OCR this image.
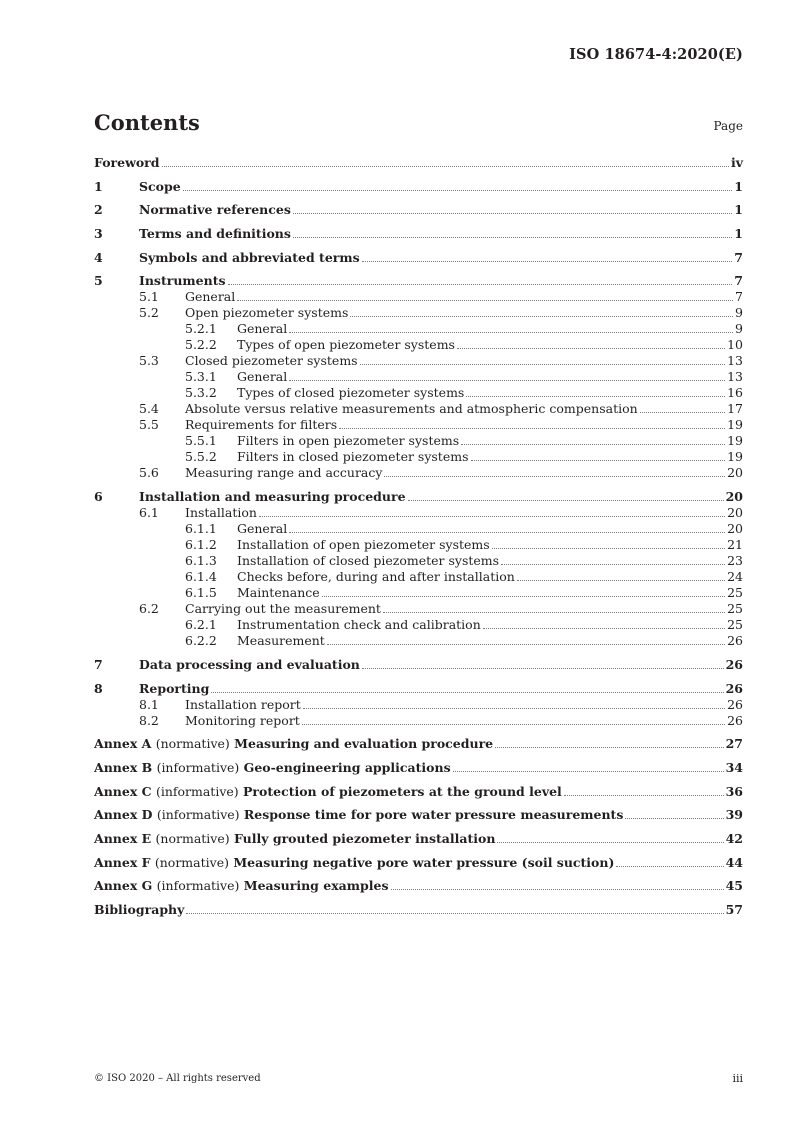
ISO 18674-4:2020(E)
Contents	Page
Foreword	iv
1	Scope	1
2	Normative references	1
3	Terms and definitions	1
4	Symbols and abbreviated terms	7
5	Instruments	7
5.1 General	7
5.2 Open piezometer systems	9
5.2.1 General	9
5.2.2 Types of open piezometer systems	10
5.3 Closed piezometer systems	13
5.3.1 General	13
5.3.2 Types of closed piezometer systems	16
5.4 Absolute versus relative measurements and atmospheric compensation	17
5.5 Requirements for filters	19
5.5.1 Filters in open piezometer systems	19
5.5.2 Filters in closed piezometer systems	19
5.6 Measuring range and accuracy	20
6	Installation and measuring procedure	20
6.1 Installation	20
6.1.1 General	20
6.1.2 Installation of open piezometer systems	21
6.1.3 Installation of closed piezometer systems	23
6.1.4 Checks before, during and after installation	24
6.1.5 Maintenance	25
6.2 Carrying out the measurement	25
6.2.1 Instrumentation check and calibration	25
6.2.2 Measurement	26
7	Data processing and evaluation	26
8	Reporting	26
8.1 Installation report	26
8.2 Monitoring report	26
Annex A (normative) Measuring and evaluation procedure	27
Annex B (informative) Geo-engineering applications	34
Annex C (informative) Protection of piezometers at the ground level	36
Annex D (informative) Response time for pore water pressure measurements	39
Annex E (normative) Fully grouted piezometer installation	42
Annex F (normative) Measuring negative pore water pressure (soil suction)	44
Annex G (informative) Measuring examples	45
Bibliography	57
© ISO 2020 – All rights reserved	iii
